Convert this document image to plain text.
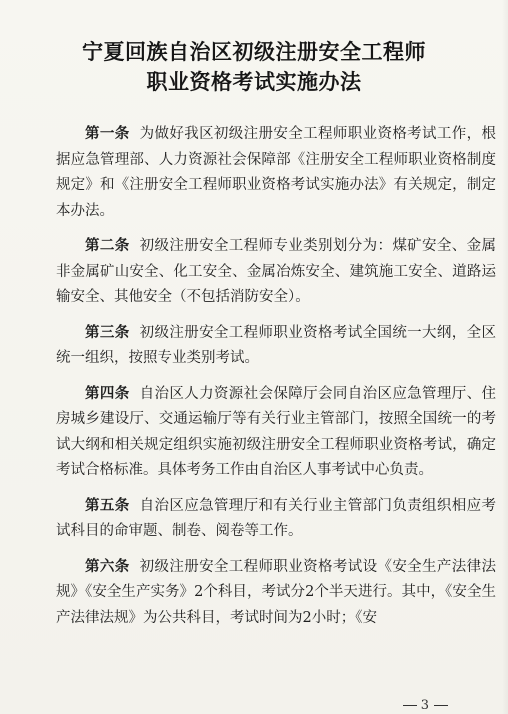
宁夏回族自治区初级注册安全工程师
职业资格考试实施办法

第一条 为做好我区初级注册安全工程师职业资格考试工作，根据应急管理部、人力资源社会保障部《注册安全工程师职业资格制度规定》和《注册安全工程师职业资格考试实施办法》有关规定，制定本办法。

第二条 初级注册安全工程师专业类别划分为：煤矿安全、金属非金属矿山安全、化工安全、金属冶炼安全、建筑施工安全、道路运输安全、其他安全（不包括消防安全）。

第三条 初级注册安全工程师职业资格考试全国统一大纲，全区统一组织，按照专业类别考试。

第四条 自治区人力资源社会保障厅会同自治区应急管理厅、住房城乡建设厅、交通运输厅等有关行业主管部门，按照全国统一的考试大纲和相关规定组织实施初级注册安全工程师职业资格考试，确定考试合格标准。具体考务工作由自治区人事考试中心负责。

第五条 自治区应急管理厅和有关行业主管部门负责组织相应考试科目的命审题、制卷、阅卷等工作。

第六条 初级注册安全工程师职业资格考试设《安全生产法律法规》《安全生产实务》2个科目，考试分2个半天进行。其中，《安全生产法律法规》为公共科目，考试时间为2小时；《安

3
